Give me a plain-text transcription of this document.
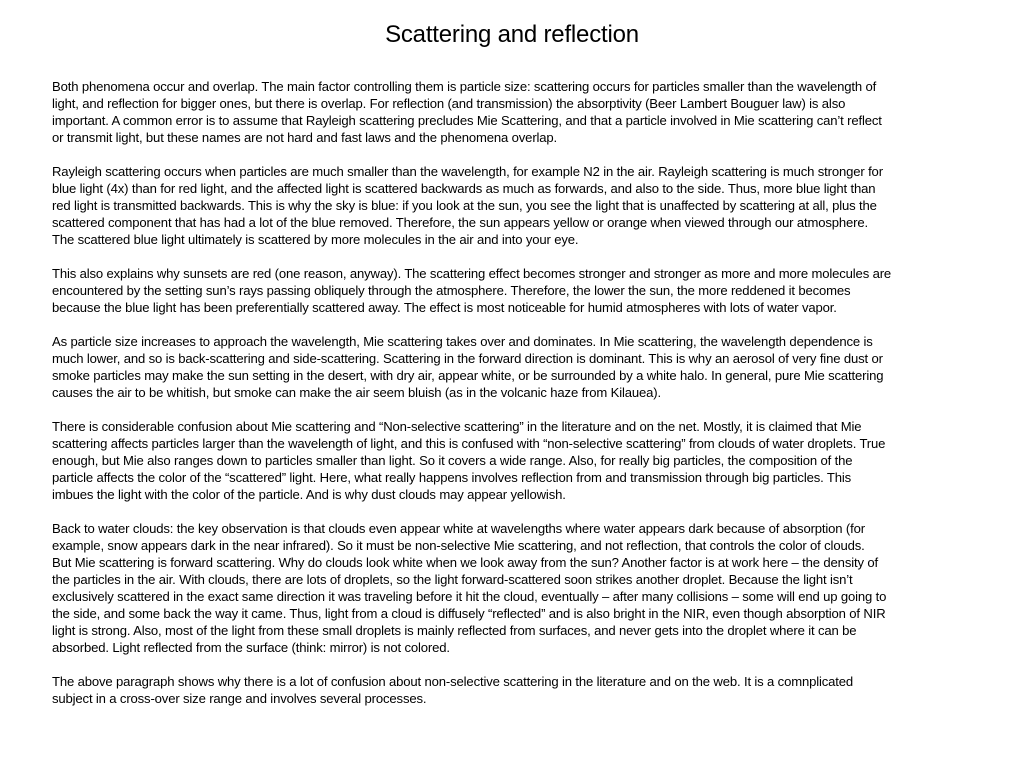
Scattering and reflection
Both phenomena occur and overlap. The main factor controlling them is particle size: scattering occurs for particles smaller than the wavelength of
light, and reflection for bigger ones, but there is overlap. For reflection (and transmission) the absorptivity (Beer Lambert Bouguer law) is also
important. A common error is to assume that Rayleigh scattering precludes Mie Scattering, and that a particle involved in Mie scattering can’t reflect
or transmit light, but these names are not hard and fast laws and the phenomena overlap.
Rayleigh scattering occurs when particles are much smaller than the wavelength, for example N2 in the air. Rayleigh scattering is much stronger for
blue light (4x) than for red light, and the affected light is scattered backwards as much as forwards, and also to the side. Thus, more blue light than
red light is transmitted backwards. This is why the sky is blue: if you look at the sun, you see the light that is unaffected by scattering at all, plus the
scattered component that has had a lot of the blue removed. Therefore, the sun appears yellow or orange when viewed through our atmosphere.
The scattered blue light ultimately is scattered by more molecules in the air and into your eye.
This also explains why sunsets are red (one reason, anyway). The scattering effect becomes stronger and stronger as more and more molecules are
encountered by the setting sun’s rays passing obliquely through the atmosphere. Therefore, the lower the sun, the more reddened it becomes
because the blue light has been preferentially scattered away. The effect is most noticeable for humid atmospheres with lots of water vapor.
As particle size increases to approach the wavelength, Mie scattering takes over and dominates. In Mie scattering, the wavelength dependence is
much lower, and so is back-scattering and side-scattering. Scattering in the forward direction is dominant. This is why an aerosol of very fine dust or
smoke particles may make the sun setting in the desert, with dry air, appear white, or be surrounded by a white halo. In general, pure Mie scattering
causes the air to be whitish, but smoke can make the air seem bluish (as in the volcanic haze from Kilauea).
There is considerable confusion about Mie scattering and “Non-selective scattering” in the literature and on the net. Mostly, it is claimed that Mie
scattering affects particles larger than the wavelength of light, and this is confused with “non-selective scattering” from clouds of water droplets. True
enough, but Mie also ranges down to particles smaller than light. So it covers a wide range. Also, for really big particles, the composition of the
particle affects the color of the “scattered” light. Here, what really happens involves reflection from and transmission through big particles. This
imbues the light with the color of the particle. And is why dust clouds may appear yellowish.
Back to water clouds: the key observation is that clouds even appear white at wavelengths where water appears dark because of absorption (for
example, snow appears dark in the near infrared). So it must be non-selective Mie scattering, and not reflection, that controls the color of clouds.
But Mie scattering is forward scattering. Why do clouds look white when we look away from the sun? Another factor is at work here – the density of
the particles in the air. With clouds, there are lots of droplets, so the light forward-scattered soon strikes another droplet. Because the light isn’t
exclusively scattered in the exact same direction it was traveling before it hit the cloud, eventually – after many collisions – some will end up going to
the side, and some back the way it came. Thus, light from a cloud is diffusely “reflected” and is also bright in the NIR, even though absorption of NIR
light is strong. Also, most of the light from these small droplets is mainly reflected from surfaces, and never gets into the droplet where it can be
absorbed. Light reflected from the surface (think: mirror) is not colored.
The above paragraph shows why there is a lot of confusion about non-selective scattering in the literature and on the web. It is a comnplicated
subject in a cross-over size range and involves several processes.
